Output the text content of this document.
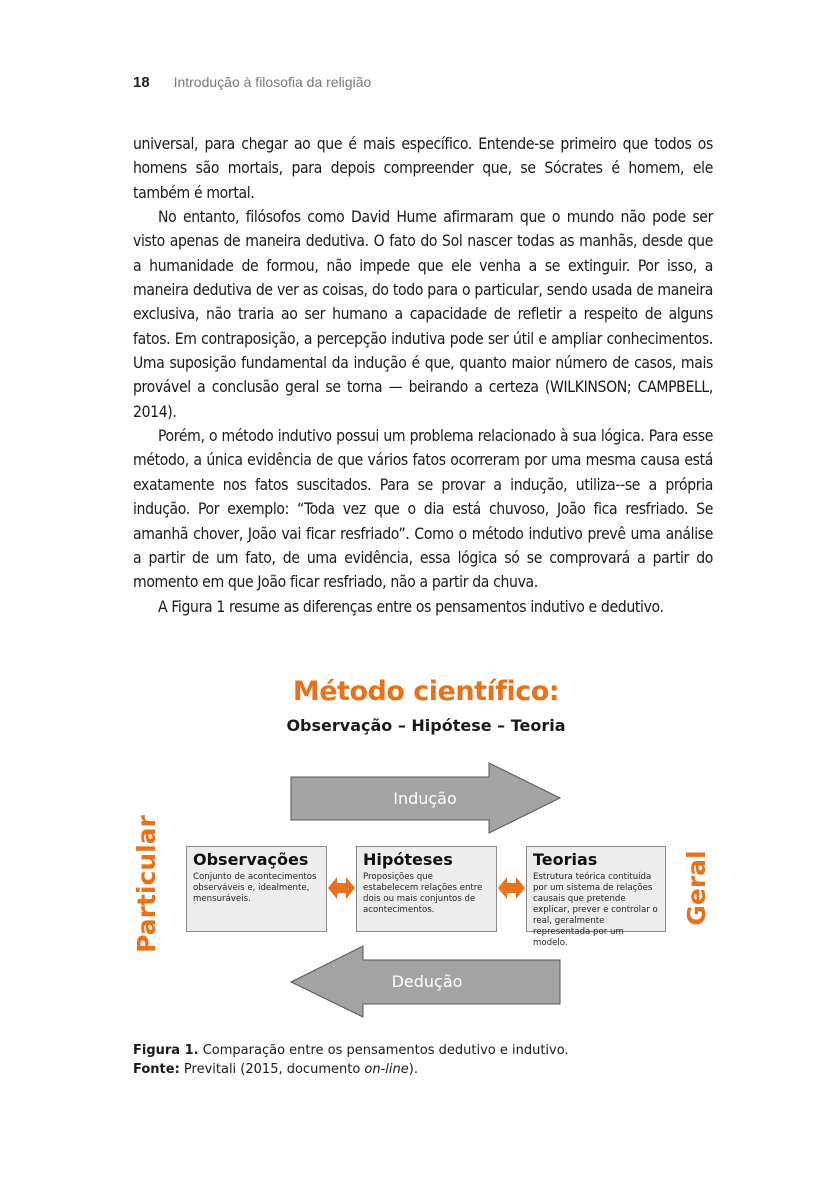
18 Introdução à filosofia da religião

universal, para chegar ao que é mais específico. Entende-se primeiro que todos os homens são mortais, para depois compreender que, se Sócrates é homem, ele também é mortal.

No entanto, filósofos como David Hume afirmaram que o mundo não pode ser visto apenas de maneira dedutiva. O fato do Sol nascer todas as manhãs, desde que a humanidade de formou, não impede que ele venha a se extinguir. Por isso, a maneira dedutiva de ver as coisas, do todo para o particular, sendo usada de maneira exclusiva, não traria ao ser humano a capacidade de refletir a respeito de alguns fatos. Em contraposição, a percepção indutiva pode ser útil e ampliar conhecimentos. Uma suposição fundamental da indução é que, quanto maior número de casos, mais provável a conclusão geral se torna — beirando a certeza (WILKINSON; CAMPBELL, 2014).

Porém, o método indutivo possui um problema relacionado à sua lógica. Para esse método, a única evidência de que vários fatos ocorreram por uma mesma causa está exatamente nos fatos suscitados. Para se provar a indução, utiliza--se a própria indução. Por exemplo: “Toda vez que o dia está chuvoso, João fica resfriado. Se amanhã chover, João vai ficar resfriado”. Como o método indutivo prevê uma análise a partir de um fato, de uma evidência, essa lógica só se comprovará a partir do momento em que João ficar resfriado, não a partir da chuva.

A Figura 1 resume as diferenças entre os pensamentos indutivo e dedutivo.

Método científico:
Observação – Hipótese – Teoria
Indução
Dedução
Particular	Geral
Observações
Conjunto de acontecimentos observáveis e, idealmente, mensuráveis.
Hipóteses
Proposições que estabelecem relações entre dois ou mais conjuntos de acontecimentos.
Teorias
Estrutura teórica contituída por um sistema de relações causais que pretende explicar, prever e controlar o real, geralmente representada por um modelo.
Figura 1. Comparação entre os pensamentos dedutivo e indutivo.
Fonte: Previtali (2015, documento on-line).
